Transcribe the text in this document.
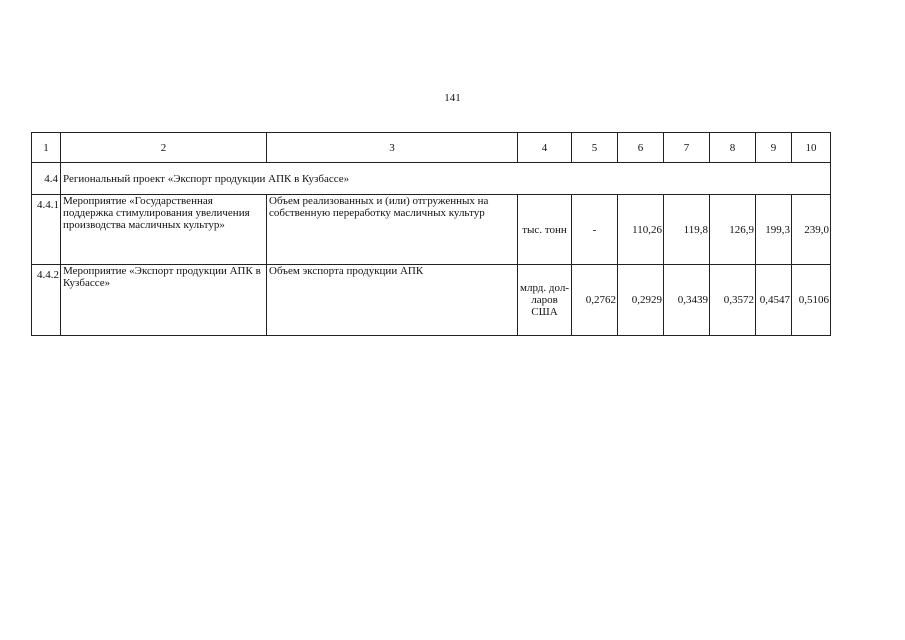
141
1	2	3	4	5	6	7	8	9	10
4.4	Региональный проект «Экспорт продукции АПК в Кузбассе»								
4.4.1	Мероприятие «Государственная поддержка стимулирования увеличения производства масличных культур»	Объем реализованных и (или) отгруженных на собственную переработку масличных культур	тыс. тонн	-	110,26	119,8	126,9	199,3	239,0
4.4.2	Мероприятие «Экспорт продукции АПК в Кузбассе»	Объем экспорта продукции АПК	млрд. дол-ларов США	0,2762	0,2929	0,3439	0,3572	0,4547	0,5106
